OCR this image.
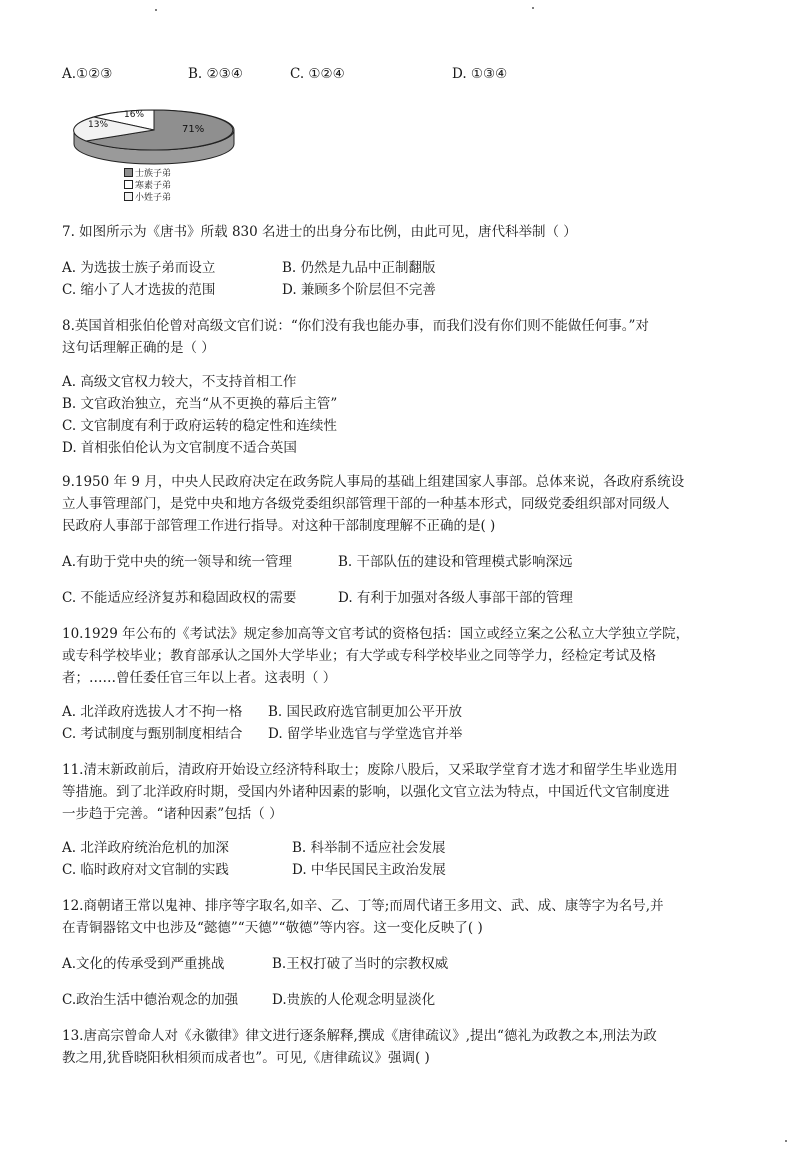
A.①②③	B. ②③④	C. ①②④	D. ①③④
16%
13%	71%
士族子弟
寒素子弟
小姓子弟
7. 如图所示为《唐书》所载 830 名进士的出身分布比例，由此可见，唐代科举制（ ）
A. 为选拔士族子弟而设立	B. 仍然是九品中正制翻版
C. 缩小了人才选拔的范围	D. 兼顾多个阶层但不完善
8.英国首相张伯伦曾对高级文官们说：“你们没有我也能办事，而我们没有你们则不能做任何事。”对
这句话理解正确的是（ ）
A. 高级文官权力较大，不支持首相工作
B. 文官政治独立，充当“从不更换的幕后主管”
C. 文官制度有利于政府运转的稳定性和连续性
D. 首相张伯伦认为文官制度不适合英国
9.1950 年 9 月，中央人民政府决定在政务院人事局的基础上组建国家人事部。总体来说，各政府系统设
立人事管理部门，是党中央和地方各级党委组织部管理干部的一种基本形式，同级党委组织部对同级人
民政府人事部于部管理工作进行指导。对这种干部制度理解不正确的是( )
A.有助于党中央的统一领导和统一管理	B. 干部队伍的建设和管理模式影响深远
C. 不能适应经济复苏和稳固政权的需要	D. 有利于加强对各级人事部干部的管理
10.1929 年公布的《考试法》规定参加高等文官考试的资格包括：国立或经立案之公私立大学独立学院，
或专科学校毕业；教育部承认之国外大学毕业；有大学或专科学校毕业之同等学力，经检定考试及格
者；……曾任委任官三年以上者。这表明（ ）
A. 北洋政府选拔人才不拘一格 B. 国民政府选官制更加公平开放
C. 考试制度与甄别制度相结合 D. 留学毕业选官与学堂选官并举
11.清末新政前后，清政府开始设立经济特科取士；废除八股后，又采取学堂育才选才和留学生毕业选用
等措施。到了北洋政府时期，受国内外诸种因素的影响，以强化文官立法为特点，中国近代文官制度进
一步趋于完善。“诸种因素”包括（ ）
A. 北洋政府统治危机的加深	B. 科举制不适应社会发展
C. 临时政府对文官制的实践	D. 中华民国民主政治发展
12.商朝诸王常以鬼神、排序等字取名,如辛、乙、丁等;而周代诸王多用文、武、成、康等字为名号,并
在青铜器铭文中也涉及“懿德”“天德”“敬德”等内容。这一变化反映了( )
A.文化的传承受到严重挑战	B.王权打破了当时的宗教权威
C.政治生活中德治观念的加强	D.贵族的人伦观念明显淡化
13.唐高宗曾命人对《永徽律》律文进行逐条解释,撰成《唐律疏议》,提出“德礼为政教之本,刑法为政
教之用,犹昏晓阳秋相须而成者也”。可见,《唐律疏议》强调( )
